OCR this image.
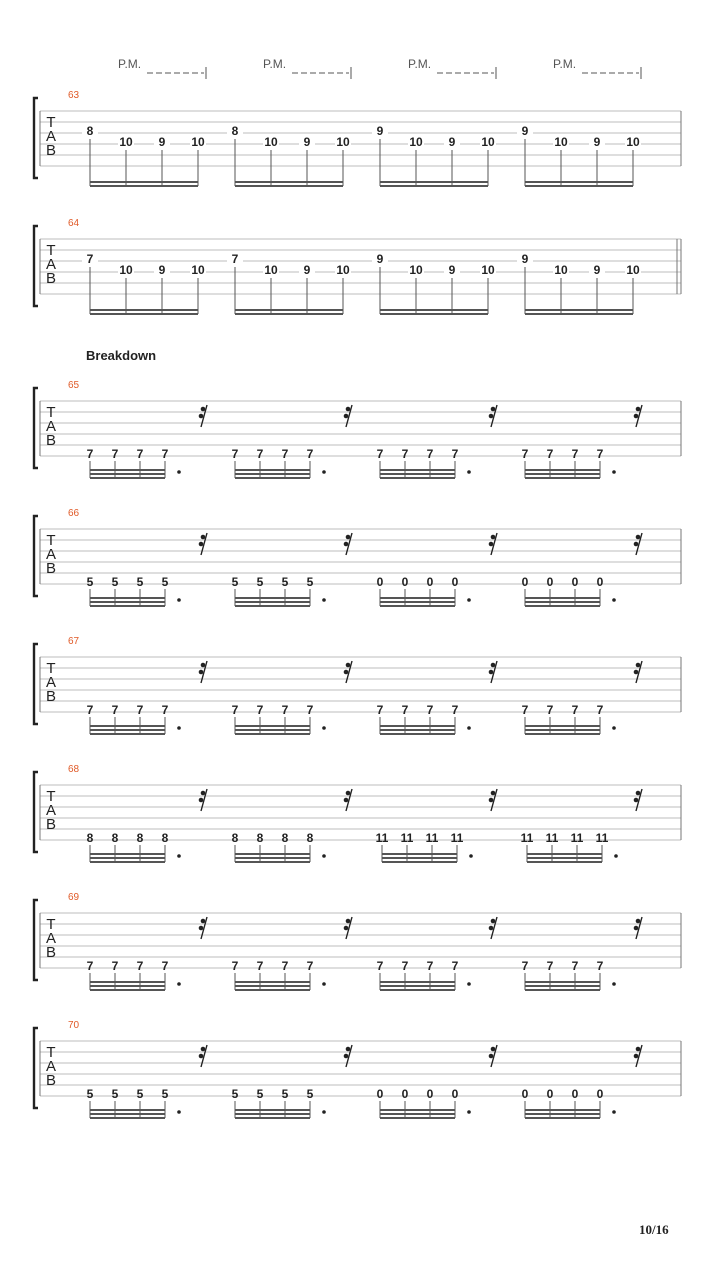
T
A
B
63
P.M.	P.M.	P.M.	P.M.
8
10 9 10
8
10 9 10
9
10 9 10
9
10 9 10
T
A
B
64
7
10 9 10
7
10 9 10
9
10 9 10
9
10 9 10
T
A
B
65
7 7 7 7	7 7 7 7	7 7 7 7	7 7 7 7
T
A
B
66
5 5 5 5	5 5 5 5	0 0 0 0	0 0 0 0
T
A
B
67
7 7 7 7	7 7 7 7	7 7 7 7	7 7 7 7
T
A
B
68
8 8 8 8	8 8 8 8	11 11 11 11	11 11 11 11
T
A
B
69
7 7 7 7	7 7 7 7	7 7 7 7	7 7 7 7
T
A
B
70
5 5 5 5	5 5 5 5	0 0 0 0	0 0 0 0
Breakdown
10/16
